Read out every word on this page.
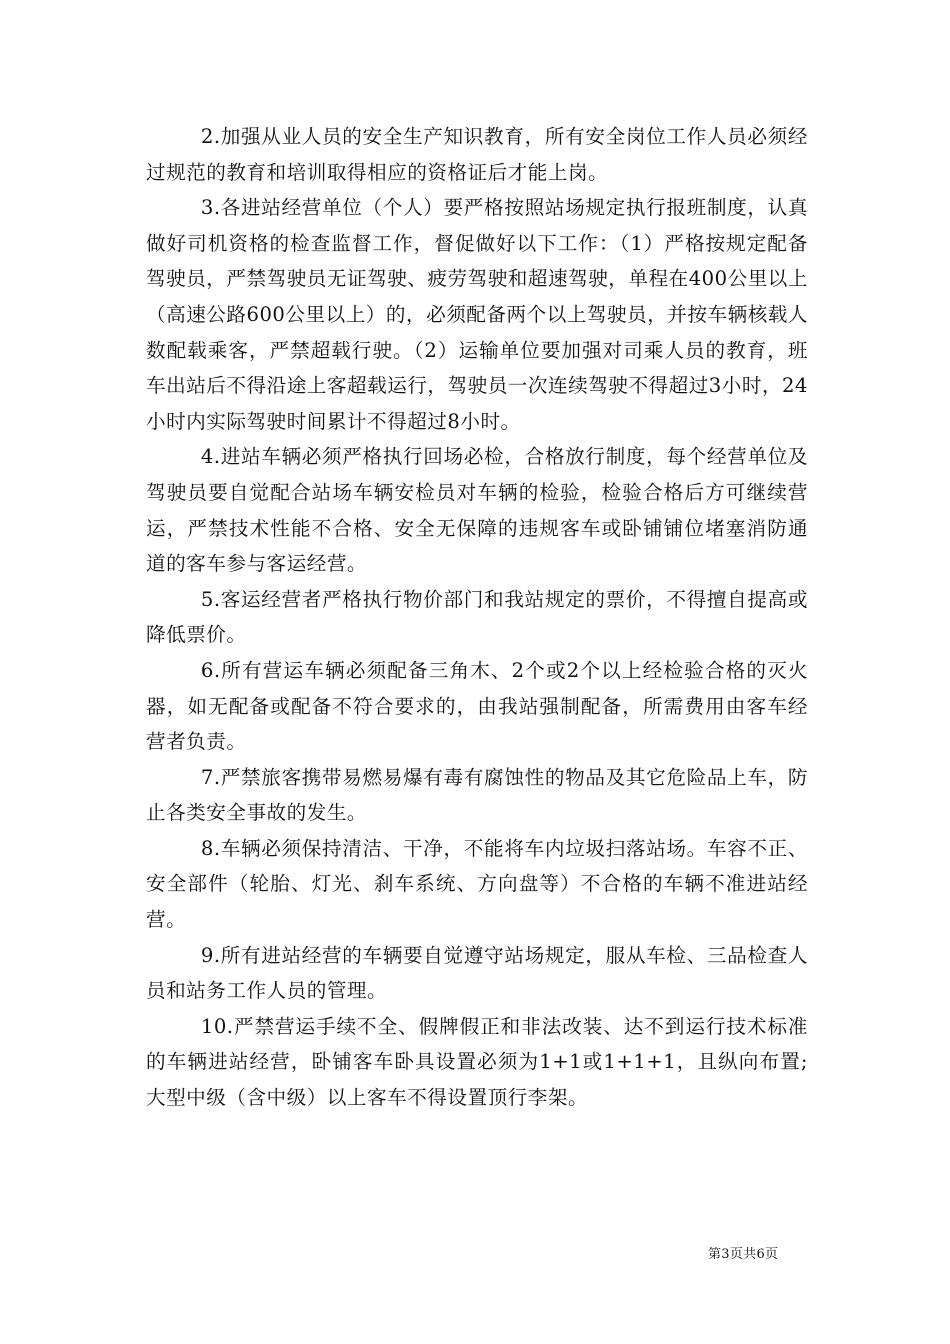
2.加强从业人员的安全生产知识教育，所有安全岗位工作人员必须经过规范的教育和培训取得相应的资格证后才能上岗。

3.各进站经营单位（个人）要严格按照站场规定执行报班制度，认真做好司机资格的检查监督工作，督促做好以下工作：（1）严格按规定配备驾驶员，严禁驾驶员无证驾驶、疲劳驾驶和超速驾驶，单程在400公里以上（高速公路600公里以上）的，必须配备两个以上驾驶员，并按车辆核载人数配载乘客，严禁超载行驶。（2）运输单位要加强对司乘人员的教育，班车出站后不得沿途上客超载运行，驾驶员一次连续驾驶不得超过3小时，24小时内实际驾驶时间累计不得超过8小时。

4.进站车辆必须严格执行回场必检，合格放行制度，每个经营单位及驾驶员要自觉配合站场车辆安检员对车辆的检验，检验合格后方可继续营运，严禁技术性能不合格、安全无保障的违规客车或卧铺铺位堵塞消防通道的客车参与客运经营。

5.客运经营者严格执行物价部门和我站规定的票价，不得擅自提高或降低票价。

6.所有营运车辆必须配备三角木、2个或2个以上经检验合格的灭火器，如无配备或配备不符合要求的，由我站强制配备，所需费用由客车经营者负责。

7.严禁旅客携带易燃易爆有毒有腐蚀性的物品及其它危险品上车，防止各类安全事故的发生。

8.车辆必须保持清洁、干净，不能将车内垃圾扫落站场。车容不正、安全部件（轮胎、灯光、刹车系统、方向盘等）不合格的车辆不准进站经营。

9.所有进站经营的车辆要自觉遵守站场规定，服从车检、三品检查人员和站务工作人员的管理。

10.严禁营运手续不全、假牌假正和非法改装、达不到运行技术标准的车辆进站经营，卧铺客车卧具设置必须为1+1或1+1+1，且纵向布置;大型中级（含中级）以上客车不得设置顶行李架。

第3页共6页
